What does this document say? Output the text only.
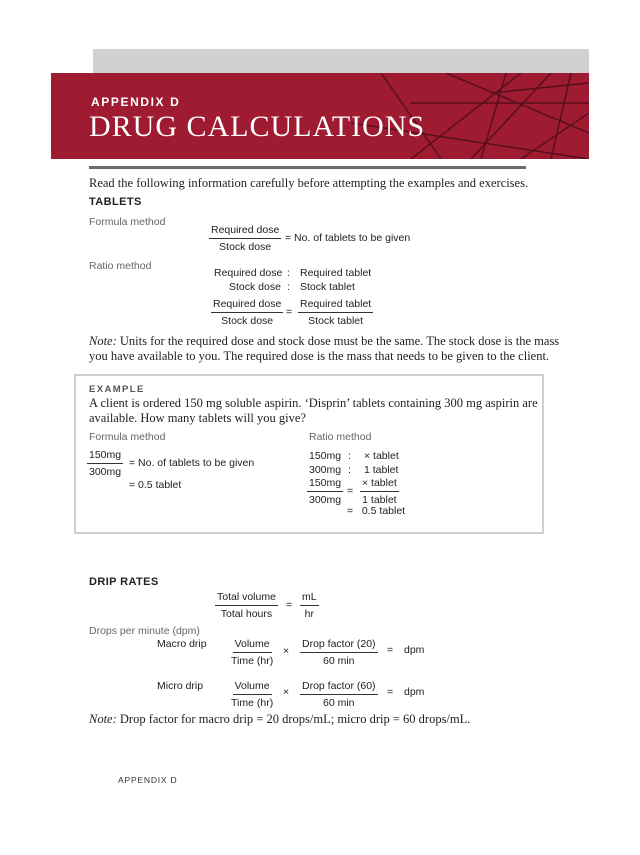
APPENDIX D
DRUG CALCULATIONS
Read the following information carefully before attempting the examples and exercises.
TABLETS
Formula method
Required dose
Stock dose
= No. of tablets to be given
Ratio method
Required dose : Required tablet
Stock dose : Stock tablet
Required dose
Stock dose
=
Required tablet
Stock tablet
Note: Units for the required dose and stock dose must be the same. The stock dose is the mass
you have available to you. The required dose is the mass that needs to be given to the client.
EXAMPLE
A client is ordered 150 mg soluble aspirin. ‘Disprin’ tablets containing 300 mg aspirin are
available. How many tablets will you give?
Formula method
$\frac{150mg}{300mg} = No$. of tablets to be given
= 0.5 tablet
Ratio method
150mg : × tablet
300mg : 1 tablet
$\frac{150mg}{300mg}$ =
× tablet
1 tablet
=   0.5 tablet
DRIP RATES
Total volume
Total hours
= $\frac{mL}{hr}$
Drops per minute (dpm)
Macro drip	Volume
Time (hr)
×
Drop factor (20)
60 min
= dpm
Micro drip	Volume
Time (hr)
× Drop factor (60)
60 min
= dpm
Note: Drop factor for macro drip = 20 drops/mL; micro drip = 60 drops/mL.
APPENDIX D
